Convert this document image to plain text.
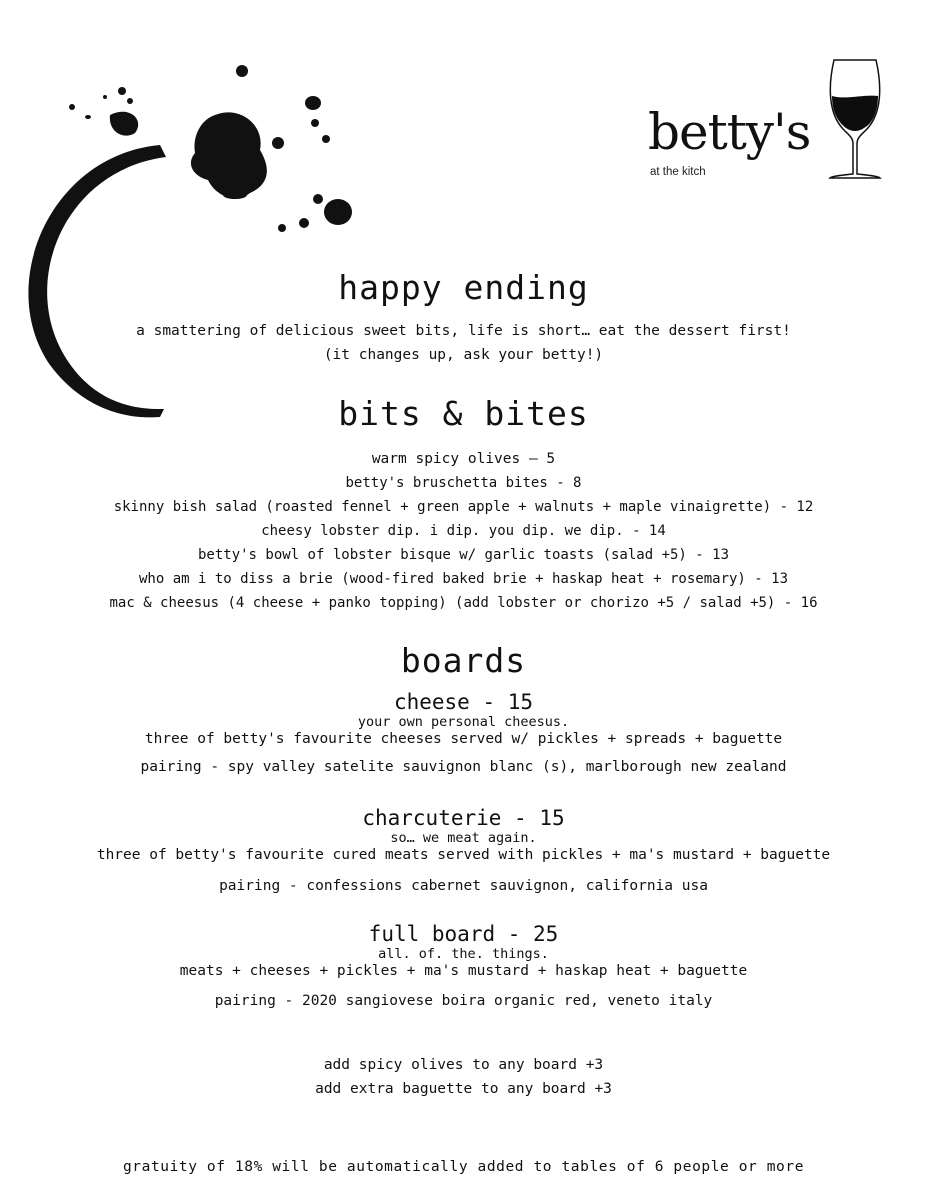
betty's
at the kitch
happy ending
a smattering of delicious sweet bits, life is short… eat the dessert first!
(it changes up, ask your betty!)
bits & bites
warm spicy olives – 5
betty's bruschetta bites - 8
skinny bish salad (roasted fennel + green apple + walnuts + maple vinaigrette) - 12
cheesy lobster dip. i dip. you dip. we dip. - 14
betty's bowl of lobster bisque w/ garlic toasts (salad +5) - 13
who am i to diss a brie (wood-fired baked brie + haskap heat + rosemary) - 13
mac & cheesus (4 cheese + panko topping) (add lobster or chorizo +5 / salad +5) - 16
boards
cheese - 15
your own personal cheesus.
three of betty's favourite cheeses served w/ pickles + spreads + baguette
pairing - spy valley satelite sauvignon blanc (s), marlborough new zealand
charcuterie - 15
so… we meat again.
three of betty's favourite cured meats served with pickles + ma's mustard + baguette
pairing - confessions cabernet sauvignon, california usa
full board - 25
all. of. the. things.
meats + cheeses + pickles + ma's mustard + haskap heat + baguette
pairing - 2020 sangiovese boira organic red, veneto italy
add spicy olives to any board +3
add extra baguette to any board +3
gratuity of 18% will be automatically added to tables of 6 people or more
